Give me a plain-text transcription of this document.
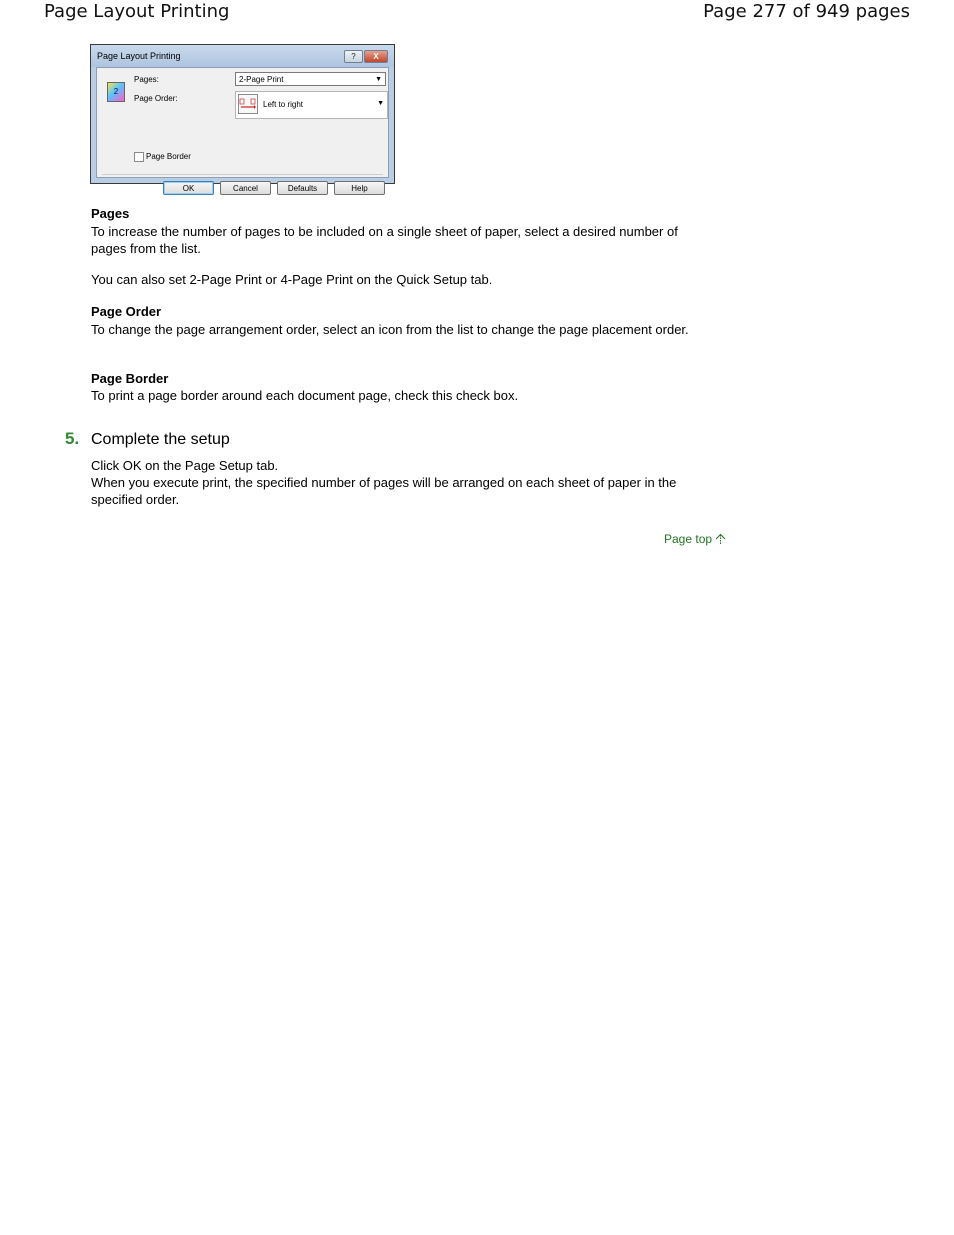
Page Layout Printing	Page 277 of 949 pages
Page Layout Printing	?	X
2
Pages:	2-Page Print	▼
Page Order:
Left to right	▼
Page Border
OK	Cancel	Defaults	Help
Pages

To increase the number of pages to be included on a single sheet of paper, select a desired number of pages from the list.

You can also set 2-Page Print or 4-Page Print on the Quick Setup tab.

Page Order

To change the page arrangement order, select an icon from the list to change the page placement order.

Page Border

To print a page border around each document page, check this check box.

5. Complete the setup

Click OK on the Page Setup tab.

When you execute print, the specified number of pages will be arranged on each sheet of paper in the specified order.

Page top
